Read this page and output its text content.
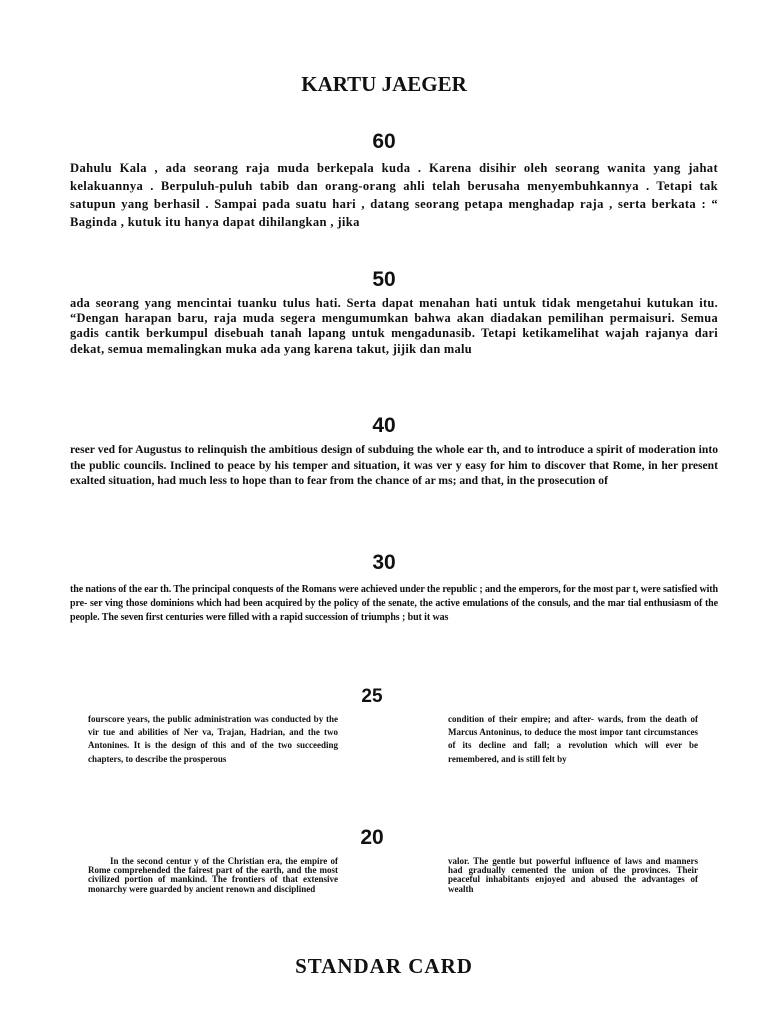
KARTU JAEGER
60

Dahulu Kala , ada seorang raja muda berkepala kuda . Karena disihir oleh seorang wanita yang jahat kelakuannya . Berpuluh-puluh tabib dan orang-orang ahli telah berusaha menyembuhkannya . Tetapi tak satupun yang berhasil . Sampai pada suatu hari , datang seorang petapa menghadap raja , serta berkata : “ Baginda , kutuk itu hanya dapat dihilangkan , jika

50

ada seorang yang mencintai tuanku tulus hati. Serta dapat menahan hati untuk tidak mengetahui kutukan itu. “Dengan harapan baru, raja muda segera mengumumkan bahwa akan diadakan pemilihan permaisuri. Semua gadis cantik berkumpul disebuah tanah lapang untuk mengadunasib. Tetapi ketikamelihat wajah rajanya dari dekat, semua memalingkan muka ada yang karena takut, jijik dan malu

40

reser ved for Augustus to relinquish the ambitious design of subduing the whole ear th, and to introduce a spirit of moderation into the public councils. Inclined to peace by his temper and situation, it was ver y easy for him to discover that Rome, in her present exalted situation, had much less to hope than to fear from the chance of ar ms; and that, in the prosecution of

30

the nations of the ear th. The principal conquests of the Romans were achieved under the republic ; and the emperors, for the most par t, were satisfied with pre- ser ving those dominions which had been acquired by the policy of the senate, the active emulations of the consuls, and the mar tial enthusiasm of the people. The seven first centuries were filled with a rapid succession of triumphs ; but it was

25

fourscore years, the public administration was conducted by the vir tue and abilities of Ner va, Trajan, Hadrian, and the two Antonines. It is the design of this and of the two succeeding chapters, to describe the prosperous

condition of their empire; and after- wards, from the death of Marcus Antoninus, to deduce the most impor tant circumstances of its decline and fall; a revolution which will ever be remembered, and is still felt by

20

In the second centur y of the Christian era, the empire of Rome comprehended the fairest part of the earth, and the most civilized portion of mankind. The frontiers of that extensive monarchy were guarded by ancient renown and disciplined

valor. The gentle but powerful influence of laws and manners had gradually cemented the union of the provinces. Their peaceful inhabitants enjoyed and abused the advantages of wealth

STANDAR CARD
